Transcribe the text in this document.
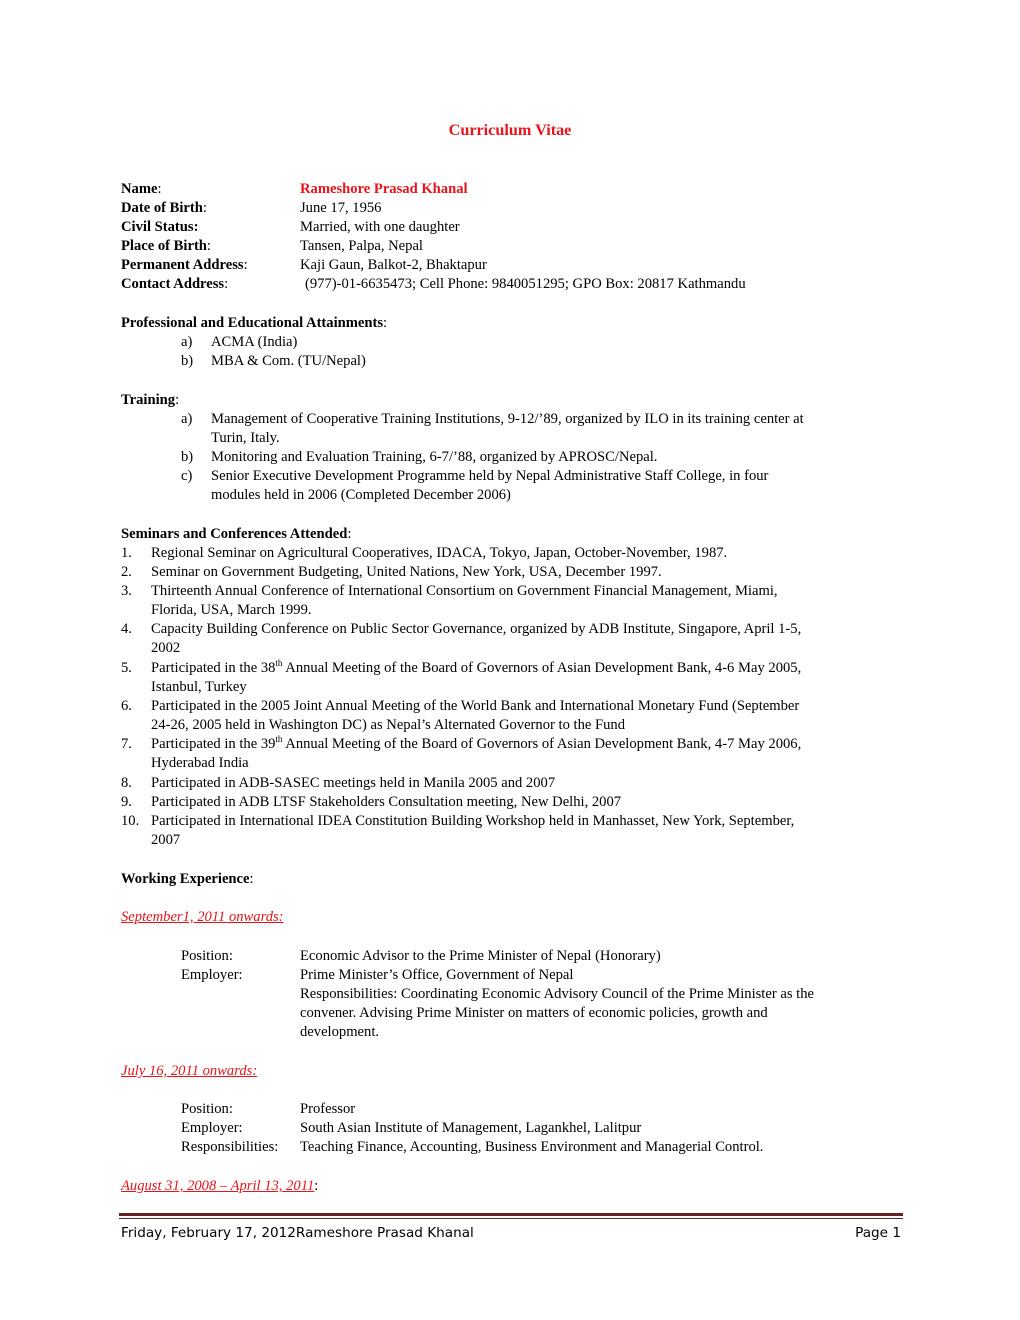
Curriculum Vitae
Name:	Rameshore Prasad Khanal
Date of Birth:	June 17, 1956
Civil Status:	Married, with one daughter
Place of Birth:	Tansen, Palpa, Nepal
Permanent Address:	Kaji Gaun, Balkot-2, Bhaktapur
Contact Address:	(977)-01-6635473; Cell Phone: 9840051295; GPO Box: 20817 Kathmandu
Professional and Educational Attainments:
a) ACMA (India)
b) MBA & Com. (TU/Nepal)
Training:
a) Management of Cooperative Training Institutions, 9-12/’89, organized by ILO in its training center at
Turin, Italy.
b) Monitoring and Evaluation Training, 6-7/’88, organized by APROSC/Nepal.
c) Senior Executive Development Programme held by Nepal Administrative Staff College, in four
modules held in 2006 (Completed December 2006)
Seminars and Conferences Attended:
1. Regional Seminar on Agricultural Cooperatives, IDACA, Tokyo, Japan, October-November, 1987.
2. Seminar on Government Budgeting, United Nations, New York, USA, December 1997.
3. Thirteenth Annual Conference of International Consortium on Government Financial Management, Miami,
Florida, USA, March 1999.
4. Capacity Building Conference on Public Sector Governance, organized by ADB Institute, Singapore, April 1-5,
2002
5. Participated in the 38th Annual Meeting of the Board of Governors of Asian Development Bank, 4-6 May 2005,
Istanbul, Turkey
6. Participated in the 2005 Joint Annual Meeting of the World Bank and International Monetary Fund (September
24-26, 2005 held in Washington DC) as Nepal’s Alternated Governor to the Fund
7. Participated in the 39th Annual Meeting of the Board of Governors of Asian Development Bank, 4-7 May 2006,
Hyderabad India
8. Participated in ADB-SASEC meetings held in Manila 2005 and 2007
9. Participated in ADB LTSF Stakeholders Consultation meeting, New Delhi, 2007
10. Participated in International IDEA Constitution Building Workshop held in Manhasset, New York, September,
2007
Working Experience:
September1, 2011 onwards:
Position:	Economic Advisor to the Prime Minister of Nepal (Honorary)
Employer:	Prime Minister’s Office, Government of Nepal
Responsibilities: Coordinating Economic Advisory Council of the Prime Minister as the
convener. Advising Prime Minister on matters of economic policies, growth and
development.
July 16, 2011 onwards:
Position:	Professor
Employer:	South Asian Institute of Management, Lagankhel, Lalitpur
Responsibilities: Teaching Finance, Accounting, Business Environment and Managerial Control.
August 31, 2008 – April 13, 2011:
Friday, February 17, 2012Rameshore Prasad Khanal	Page 1
